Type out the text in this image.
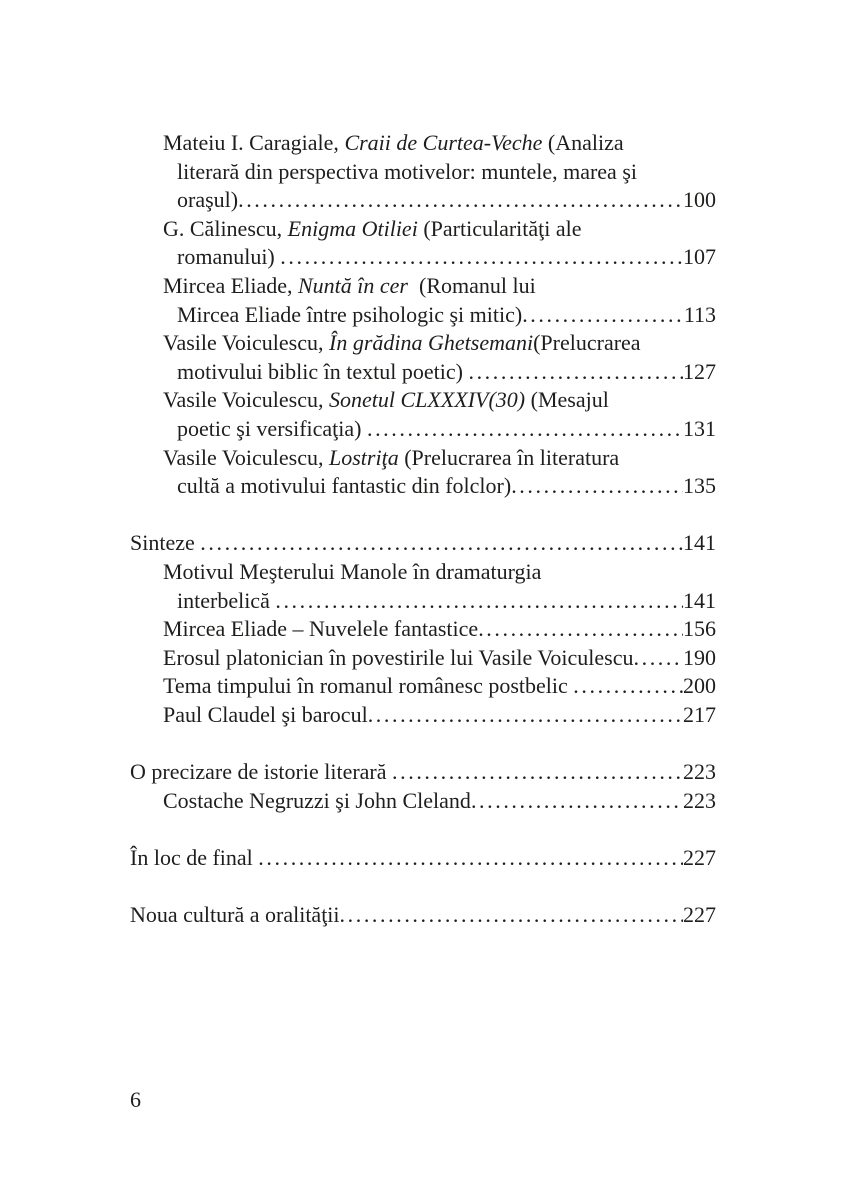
Mateiu I. Caragiale, Craii de Curtea-Veche (Analiza
literară din perspectiva motivelor: muntele, marea şi
oraşul) .....	100
G. Călinescu, Enigma Otiliei (Particularităţi ale
romanului) .....	107
Mircea Eliade, Nuntă în cer  (Romanul lui
Mircea Eliade între psihologic şi mitic) .....	113
Vasile Voiculescu, În grădina Ghetsemani(Prelucrarea
motivului biblic în textul poetic) .....	127
Vasile Voiculescu, Sonetul CLXXXIV(30) (Mesajul
poetic şi versificaţia) .....	131
Vasile Voiculescu, Lostriţa (Prelucrarea în literatura
cultă a motivului fantastic din folclor) .....	135
Sinteze .....	141
Motivul Meşterului Manole în dramaturgia
interbelică .....	141
Mircea Eliade – Nuvelele fantastice .....	156
Erosul platonician în povestirile lui Vasile Voiculescu ..... 190
Tema timpului în romanul românesc postbelic .....	200
Paul Claudel şi barocul .....	217
O precizare de istorie literară .....	223
Costache Negruzzi şi John Cleland .....	223
În loc de final .....	227
Noua cultură a oralităţii .....	227
6
